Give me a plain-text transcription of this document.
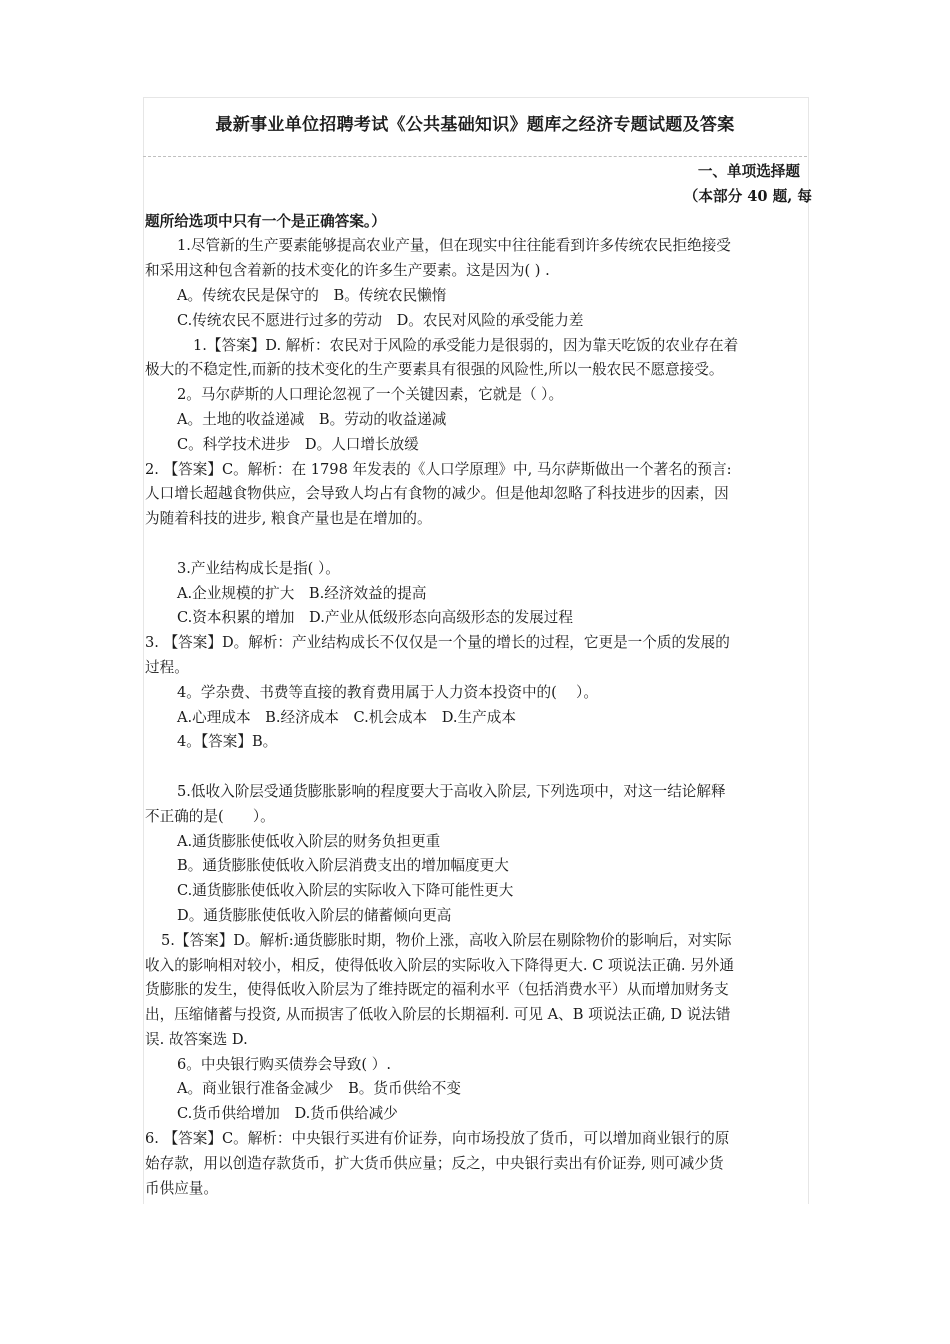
最新事业单位招聘考试《公共基础知识》题库之经济专题试题及答案
一、单项选择题
（本部分 40 题, 每
题所给选项中只有一个是正确答案。）
1.尽管新的生产要素能够提高农业产量，但在现实中往往能看到许多传统农民拒绝接受
和采用这种包含着新的技术变化的许多生产要素。这是因为( ) .
A。传统农民是保守的　B。传统农民懒惰
C.传统农民不愿进行过多的劳动　D。农民对风险的承受能力差
1.【答案】D. 解析：农民对于风险的承受能力是很弱的，因为靠天吃饭的农业存在着
极大的不稳定性,而新的技术变化的生产要素具有很强的风险性,所以一般农民不愿意接受。
2。马尔萨斯的人口理论忽视了一个关键因素，它就是（ ）。
A。土地的收益递减　B。劳动的收益递减
C。科学技术进步　D。人口增长放缓
2. 【答案】C。解析：在 1798 年发表的《人口学原理》中, 马尔萨斯做出一个著名的预言:
人口增长超越食物供应，会导致人均占有食物的减少。但是他却忽略了科技进步的因素，因
为随着科技的进步, 粮食产量也是在增加的。
3.产业结构成长是指( ）。
A.企业规模的扩大　B.经济效益的提高
C.资本积累的增加　D.产业从低级形态向高级形态的发展过程
3. 【答案】D。解析：产业结构成长不仅仅是一个量的增长的过程，它更是一个质的发展的
过程。
4。学杂费、书费等直接的教育费用属于人力资本投资中的(　 ）。
A.心理成本　B.经济成本　C.机会成本　D.生产成本
4。【答案】B。
5.低收入阶层受通货膨胀影响的程度要大于高收入阶层, 下列选项中，对这一结论解释
不正确的是(　　）。
A.通货膨胀使低收入阶层的财务负担更重
B。通货膨胀使低收入阶层消费支出的增加幅度更大
C.通货膨胀使低收入阶层的实际收入下降可能性更大
D。通货膨胀使低收入阶层的储蓄倾向更高
5.【答案】D。解析:通货膨胀时期，物价上涨，高收入阶层在剔除物价的影响后，对实际
收入的影响相对较小，相反，使得低收入阶层的实际收入下降得更大. C 项说法正确. 另外通
货膨胀的发生，使得低收入阶层为了维持既定的福利水平（包括消费水平）从而增加财务支
出，压缩储蓄与投资, 从而损害了低收入阶层的长期福利. 可见 A、B 项说法正确, D 说法错
误. 故答案选 D.
6。中央银行购买债券会导致( ）.
A。商业银行准备金减少　B。货币供给不变
C.货币供给增加　D.货币供给减少
6. 【答案】C。解析：中央银行买进有价证券，向市场投放了货币，可以增加商业银行的原
始存款，用以创造存款货币，扩大货币供应量；反之，中央银行卖出有价证券, 则可减少货
币供应量。
